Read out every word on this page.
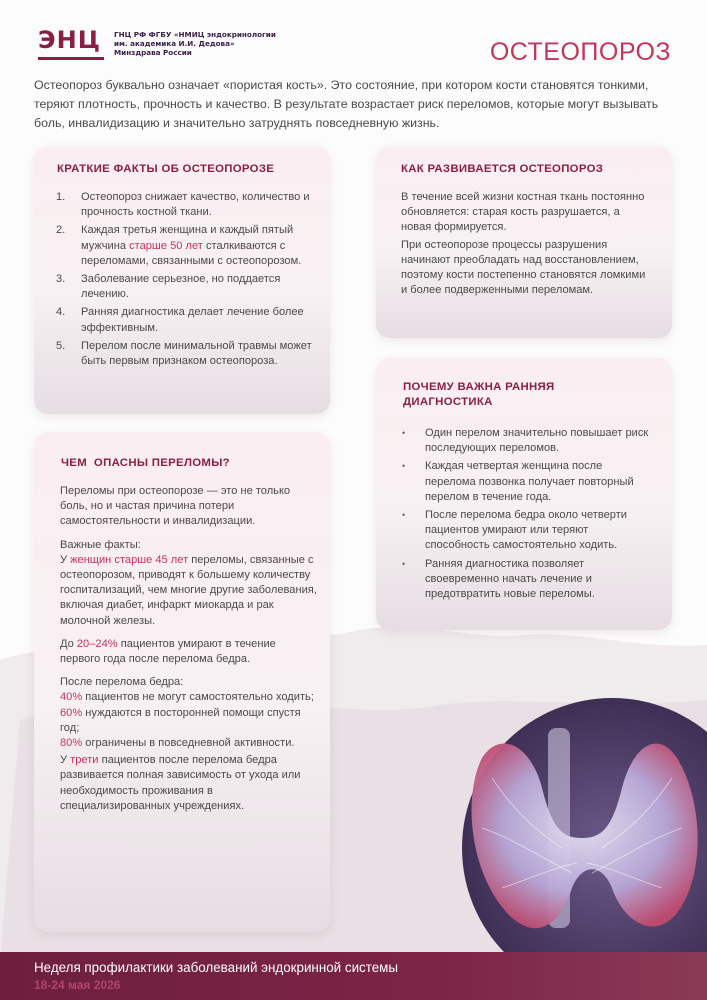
ЭНЦ ГНЦ РФ ФГБУ «НМИЦ эндокринологии
им. академика И.И. Дедова»
Минздрава России	ОСТЕОПОРОЗ
Остеопороз буквально означает «пористая кость». Это состояние, при котором кости становятся тонкими, теряют плотность, прочность и качество. В результате возрастает риск переломов, которые могут вызывать боль, инвалидизацию и значительно затруднять повседневную жизнь.
КРАТКИЕ ФАКТЫ ОБ ОСТЕОПОРОЗЕ
1. Остеопороз снижает качество, количество и прочность костной ткани.
2. Каждая третья женщина и каждый пятый мужчина старше 50 лет сталкиваются с переломами, связанными с остеопорозом.
3. Заболевание серьезное, но поддается лечению.
4. Ранняя диагностика делает лечение более эффективным.
5. Перелом после минимальной травмы может быть первым признаком остеопороза.
КАК РАЗВИВАЕТСЯ ОСТЕОПОРОЗ

В течение всей жизни костная ткань постоянно обновляется: старая кость разрушается, а новая формируется.

При остеопорозе процессы разрушения начинают преобладать над восстановлением, поэтому кости постепенно становятся ломкими и более подверженными переломам.

ЧЕМ  ОПАСНЫ ПЕРЕЛОМЫ?

Переломы при остеопорозе — это не только боль, но и частая причина потери самостоятельности и инвалидизации.

Важные факты:

У женщин старше 45 лет переломы, связанные с остеопорозом, приводят к большему количеству госпитализаций, чем многие другие заболевания, включая диабет, инфаркт миокарда и рак молочной железы.

До 20–24% пациентов умирают в течение первого года после перелома бедра.

После перелома бедра:

40% пациентов не могут самостоятельно ходить;

60% нуждаются в посторонней помощи спустя год;

80% ограничены в повседневной активности.

У трети пациентов после перелома бедра развивается полная зависимость от ухода или необходимость проживания в специализированных учреждениях.

ПОЧЕМУ ВАЖНА РАННЯЯ
ДИАГНОСТИКА
• Один перелом значительно повышает риск последующих переломов.
• Каждая четвертая женщина после перелома позвонка получает повторный перелом в течение года.
• После перелома бедра около четверти пациентов умирают или теряют способность самостоятельно ходить.
• Ранняя диагностика позволяет своевременно начать лечение и предотвратить новые переломы.
Неделя профилактики заболеваний эндокринной системы
18-24 мая 2026
